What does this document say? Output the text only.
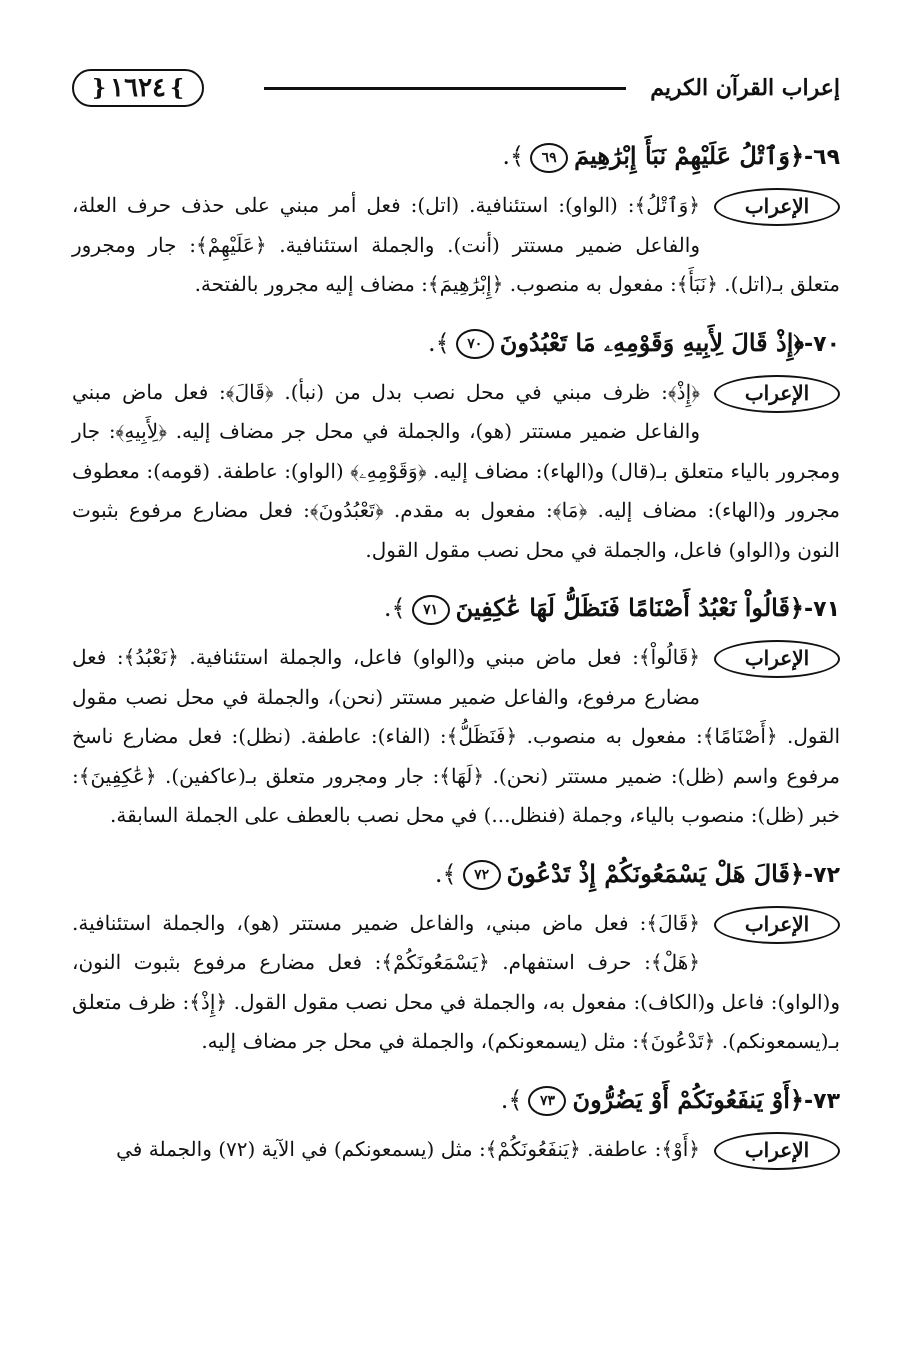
إعراب القرآن الكريم
}
١٦٢٤
{
٦٩-﴿وَٱتْلُ عَلَيْهِمْ نَبَأَ إِبْرَٰهِيمَ٦٩﴾.
الإعراب
﴿وَٱتْلُ﴾: (الواو): استئنافية. (اتل): فعل أمر مبني على حذف حرف العلة، والفاعل ضمير مستتر (أنت). والجملة استئنافية. ﴿عَلَيْهِمْ﴾: جار ومجرور متعلق بـ(اتل). ﴿نَبَأَ﴾: مفعول به منصوب. ﴿إِبْرَٰهِيمَ﴾: مضاف إليه مجرور بالفتحة.
٧٠-﴿إِذْ قَالَ لِأَبِيهِ وَقَوْمِهِۦ مَا تَعْبُدُونَ٧٠﴾.
الإعراب
﴿إِذْ﴾: ظرف مبني في محل نصب بدل من (نبأ). ﴿قَالَ﴾: فعل ماض مبني والفاعل ضمير مستتر (هو)، والجملة في محل جر مضاف إليه. ﴿لِأَبِيهِ﴾: جار ومجرور بالياء متعلق بـ(قال) و(الهاء): مضاف إليه. ﴿وَقَوْمِهِۦ﴾ (الواو): عاطفة. (قومه): معطوف مجرور و(الهاء): مضاف إليه. ﴿مَا﴾: مفعول به مقدم. ﴿تَعْبُدُونَ﴾: فعل مضارع مرفوع بثبوت النون و(الواو) فاعل، والجملة في محل نصب مقول القول.
٧١-﴿قَالُواْ نَعْبُدُ أَصْنَامًا فَنَظَلُّ لَهَا عَٰكِفِينَ٧١﴾.
الإعراب
﴿قَالُواْ﴾: فعل ماض مبني و(الواو) فاعل، والجملة استئنافية. ﴿نَعْبُدُ﴾: فعل مضارع مرفوع، والفاعل ضمير مستتر (نحن)، والجملة في محل نصب مقول القول. ﴿أَصْنَامًا﴾: مفعول به منصوب. ﴿فَنَظَلُّ﴾: (الفاء): عاطفة. (نظل): فعل مضارع ناسخ مرفوع واسم (ظل): ضمير مستتر (نحن). ﴿لَهَا﴾: جار ومجرور متعلق بـ(عاكفين). ﴿عَٰكِفِينَ﴾: خبر (ظل): منصوب بالياء، وجملة (فنظل...) في محل نصب بالعطف على الجملة السابقة.
٧٢-﴿قَالَ هَلْ يَسْمَعُونَكُمْ إِذْ تَدْعُونَ٧٢﴾.
الإعراب
﴿قَالَ﴾: فعل ماض مبني، والفاعل ضمير مستتر (هو)، والجملة استئنافية. ﴿هَلْ﴾: حرف استفهام. ﴿يَسْمَعُونَكُمْ﴾: فعل مضارع مرفوع بثبوت النون، و(الواو): فاعل و(الكاف): مفعول به، والجملة في محل نصب مقول القول. ﴿إِذْ﴾: ظرف متعلق بـ(يسمعونكم). ﴿تَدْعُونَ﴾: مثل (يسمعونكم)، والجملة في محل جر مضاف إليه.
٧٣-﴿أَوْ يَنفَعُونَكُمْ أَوْ يَضُرُّونَ٧٣﴾.
الإعراب
﴿أَوْ﴾: عاطفة. ﴿يَنفَعُونَكُمْ﴾: مثل (يسمعونكم) في الآية (٧٢) والجملة في
